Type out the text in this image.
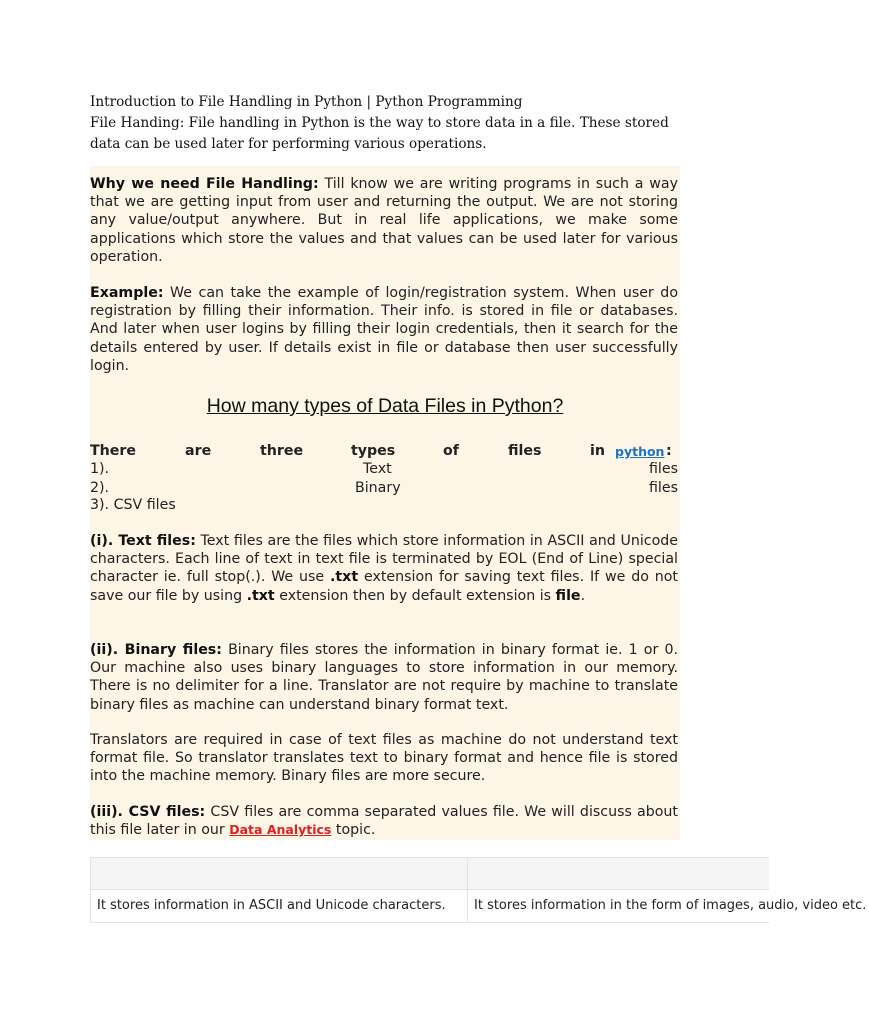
Introduction to File Handling in Python | Python Programming
File Handing: File handling in Python is the way to store data in a file. These stored
data can be used later for performing various operations.
Why we need File Handling: Till know we are writing programs in such a way that we are getting input from user and returning the output. We are not storing any value/output anywhere. But in real life applications, we make some applications which store the values and that values can be used later for various operation.
Example: We can take the example of login/registration system. When user do registration by filling their information. Their info. is stored in file or databases. And later when user logins by filling their login credentials, then it search for the details entered by user. If details exist in file or database then user successfully login.
How many types of Data Files in Python?
There	are	three	types	of	files	in python :
1).	Text	files
2).	Binary	files
3). CSV files
(i). Text files: Text files are the files which store information in ASCII and Unicode characters. Each line of text in text file is terminated by EOL (End of Line) special character ie. full stop(.). We use .txt extension for saving text files. If we do not save our file by using .txt extension then by default extension is file.
(ii). Binary files: Binary files stores the information in binary format ie. 1 or 0. Our machine also uses binary languages to store information in our memory. There is no delimiter for a line. Translator are not require by machine to translate binary files as machine can understand binary format text.
Translators are required in case of text files as machine do not understand text format file. So translator translates text to binary format and hence file is stored into the machine memory. Binary files are more secure.
(iii). CSV files: CSV files are comma separated values file. We will discuss about this file later in our Data Analytics topic.
Text Files	Binary Files
It stores information in ASCII and Unicode characters.	It stores information in the form of images, audio, video etc.
